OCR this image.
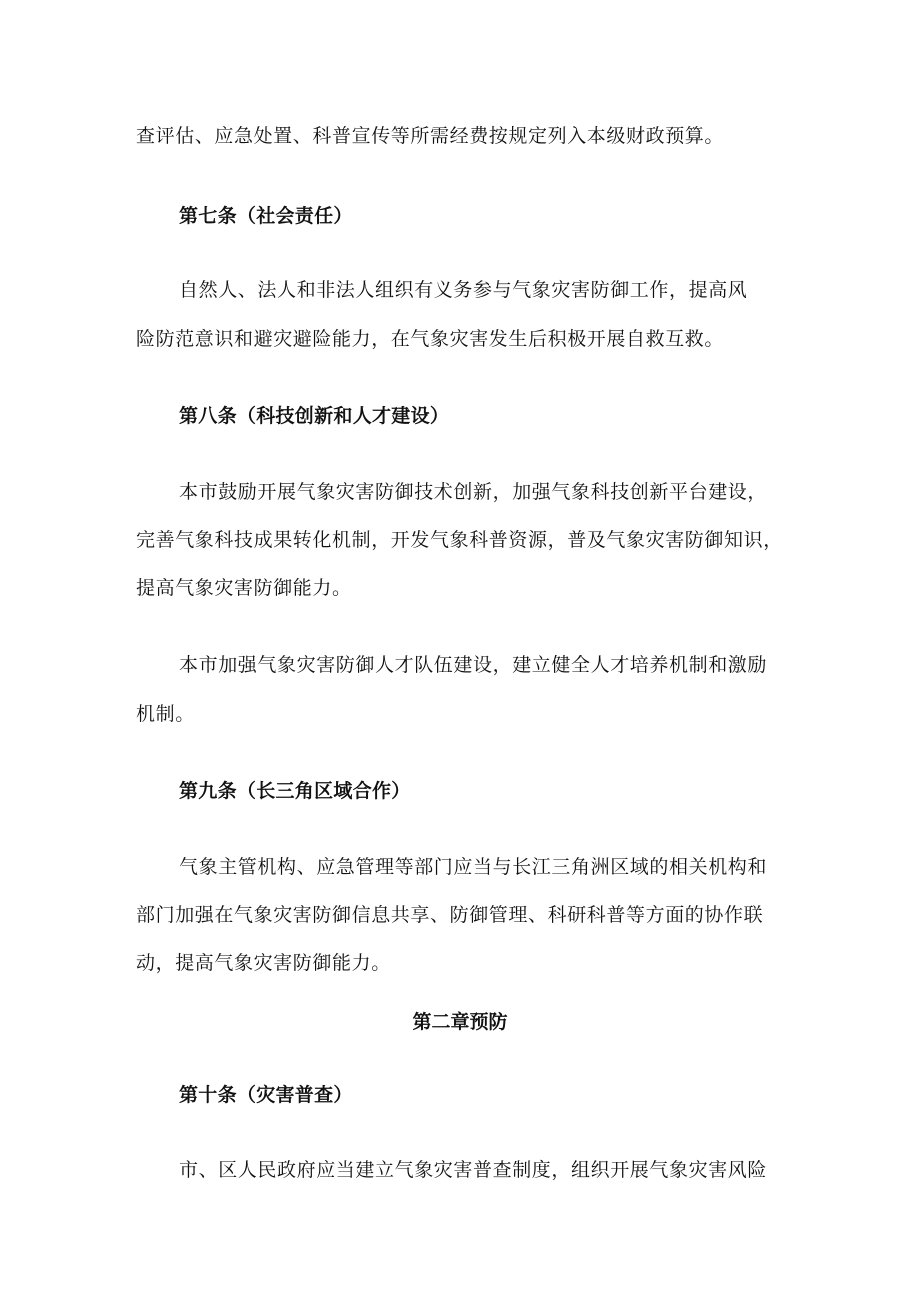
查评估、应急处置、科普宣传等所需经费按规定列入本级财政预算。
第七条（社会责任）
自然人、法人和非法人组织有义务参与气象灾害防御工作，提高风
险防范意识和避灾避险能力，在气象灾害发生后积极开展自救互救。
第八条（科技创新和人才建设）
本市鼓励开展气象灾害防御技术创新，加强气象科技创新平台建设，
完善气象科技成果转化机制，开发气象科普资源，普及气象灾害防御知识，
提高气象灾害防御能力。
本市加强气象灾害防御人才队伍建设，建立健全人才培养机制和激励
机制。
第九条（长三角区域合作）
气象主管机构、应急管理等部门应当与长江三角洲区域的相关机构和
部门加强在气象灾害防御信息共享、防御管理、科研科普等方面的协作联
动，提高气象灾害防御能力。
第二章预防
第十条（灾害普查）
市、区人民政府应当建立气象灾害普查制度，组织开展气象灾害风险
